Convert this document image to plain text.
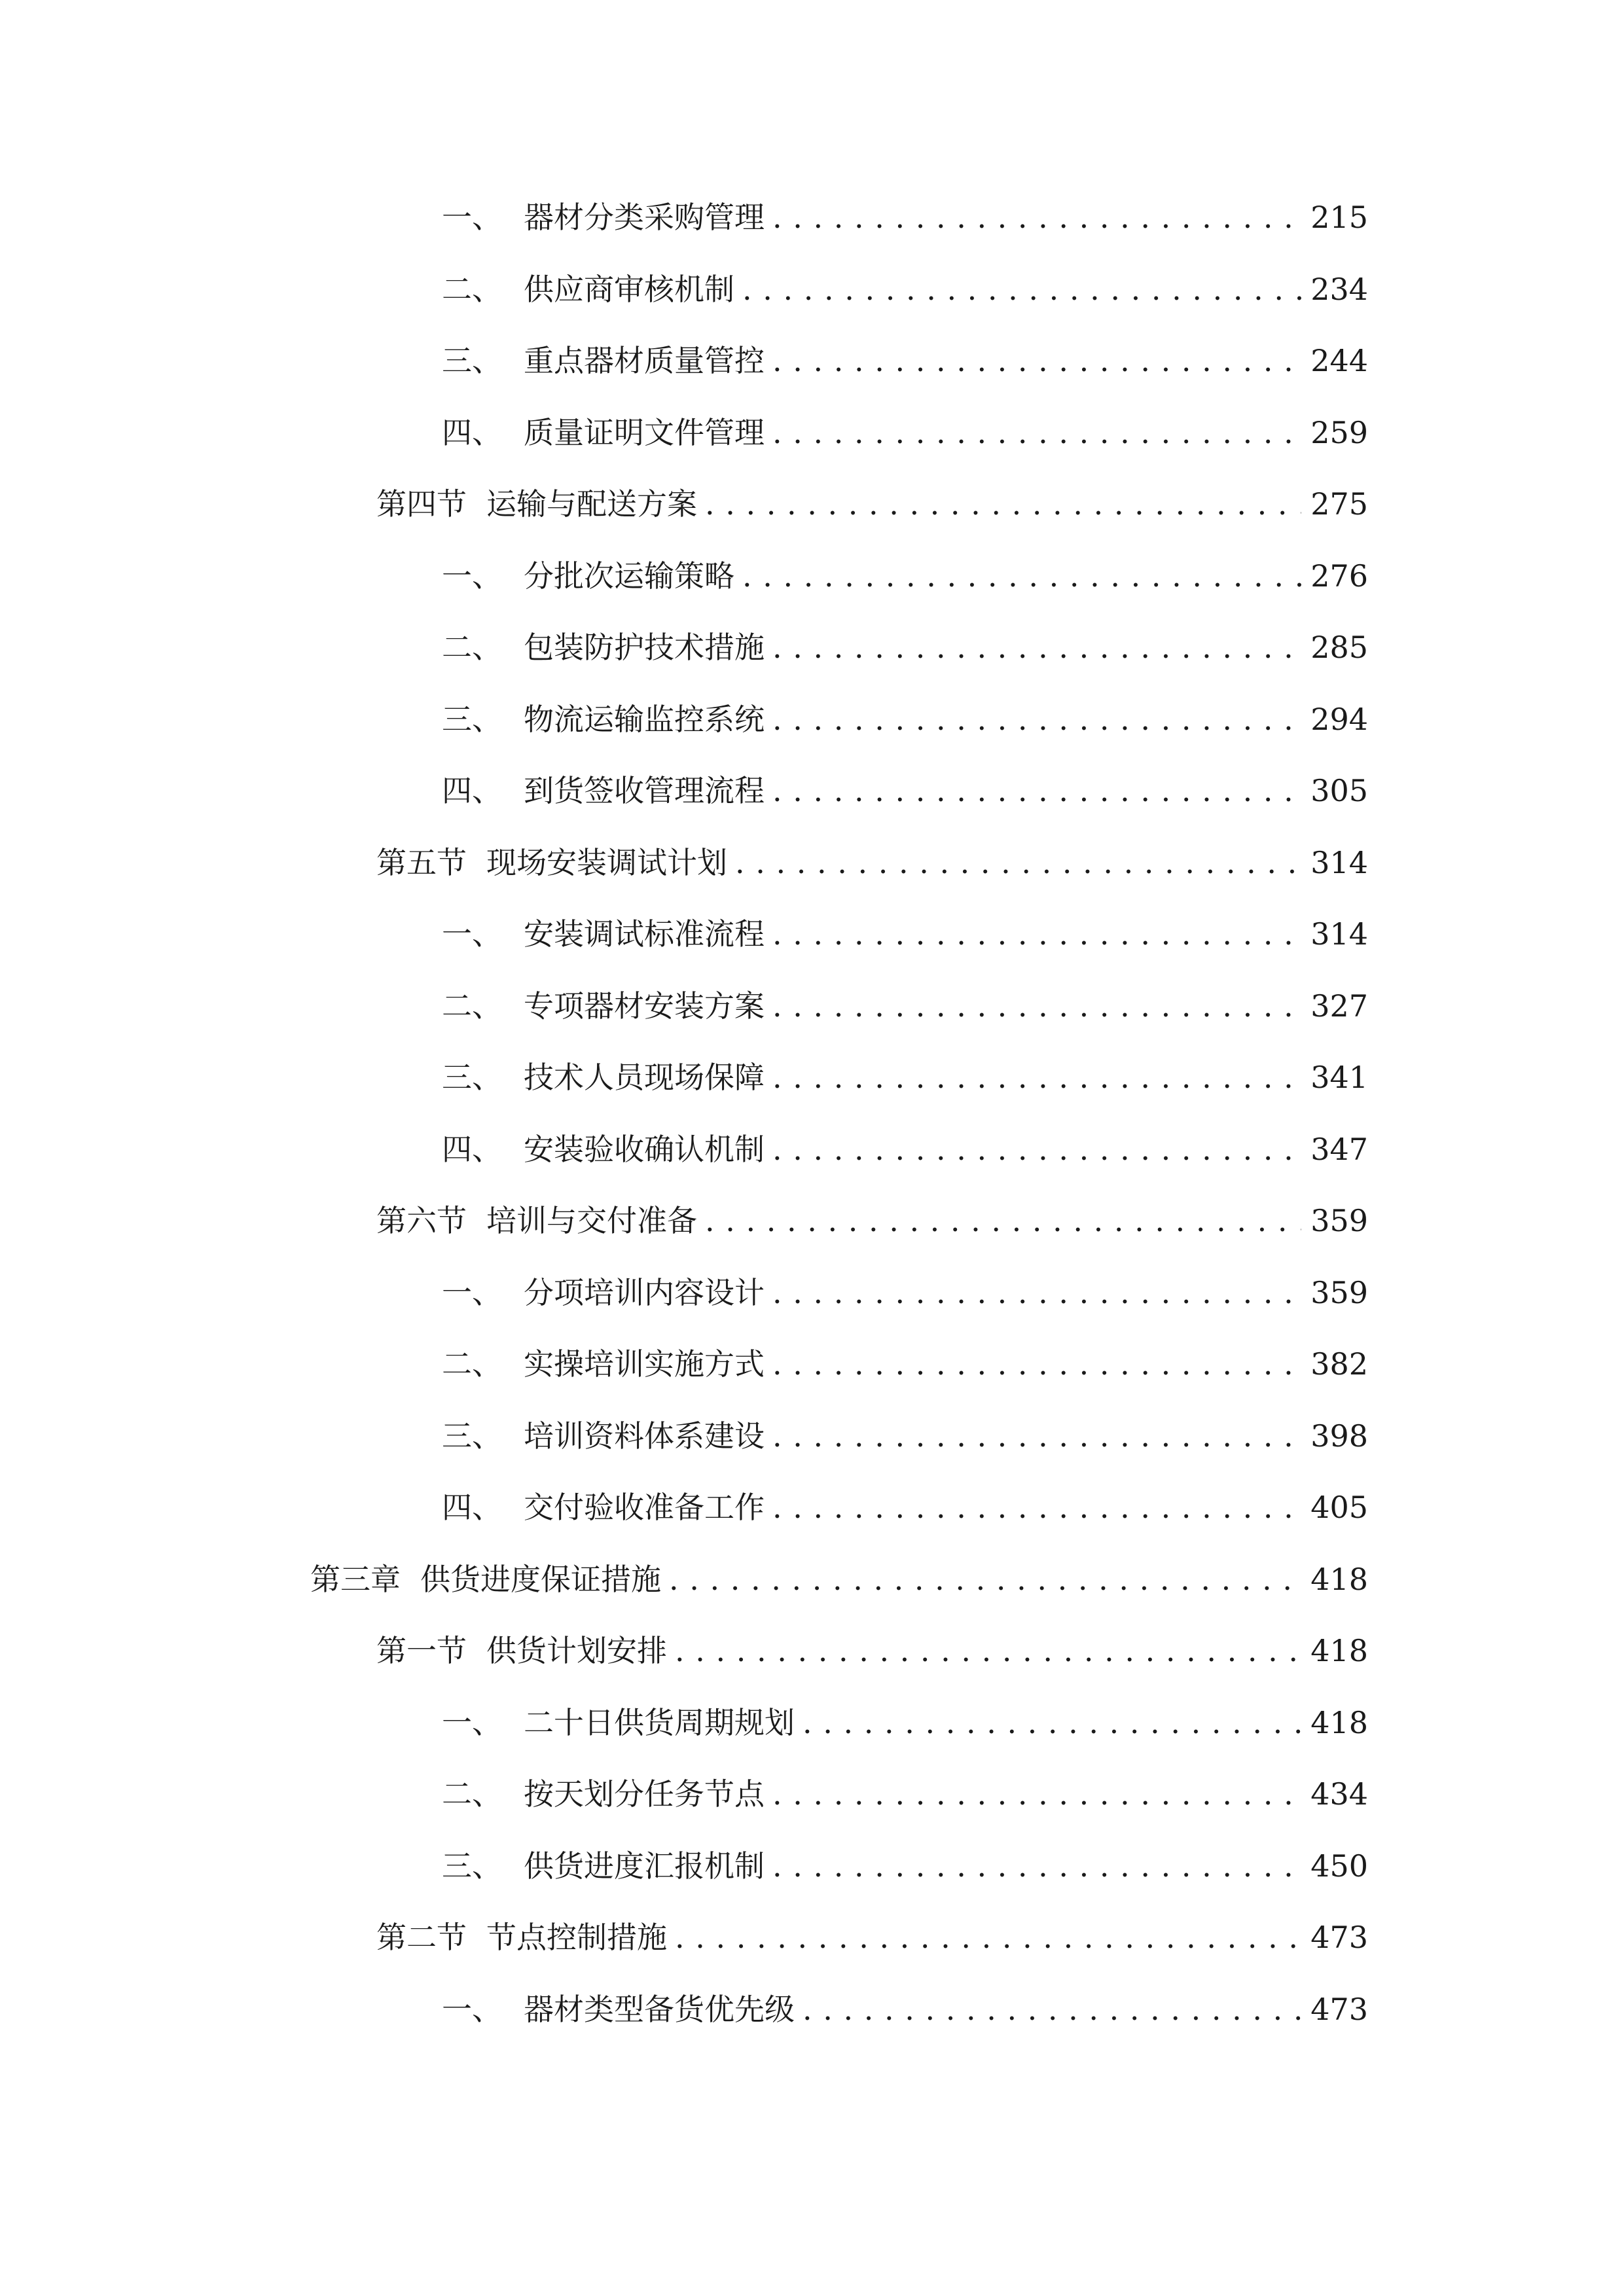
一、 器材分类采购管理 . . .	215
二、 供应商审核机制 . . .	234
三、 重点器材质量管控 . . .	244
四、 质量证明文件管理 . . .	259
第四节 运输与配送方案 . . .	275
一、 分批次运输策略 . . .	276
二、 包装防护技术措施 . . .	285
三、 物流运输监控系统 . . .	294
四、 到货签收管理流程 . . .	305
第五节 现场安装调试计划 . . .	314
一、 安装调试标准流程 . . .	314
二、 专项器材安装方案 . . .	327
三、 技术人员现场保障 . . .	341
四、 安装验收确认机制 . . .	347
第六节 培训与交付准备 . . .	359
一、 分项培训内容设计 . . .	359
二、 实操培训实施方式 . . .	382
三、 培训资料体系建设 . . .	398
四、 交付验收准备工作 . . .	405
第三章 供货进度保证措施 . . .	418
第一节 供货计划安排 . . .	418
一、 二十日供货周期规划 . . .	418
二、 按天划分任务节点 . . .	434
三、 供货进度汇报机制 . . .	450
第二节 节点控制措施 . . .	473
一、 器材类型备货优先级 . . .	473
